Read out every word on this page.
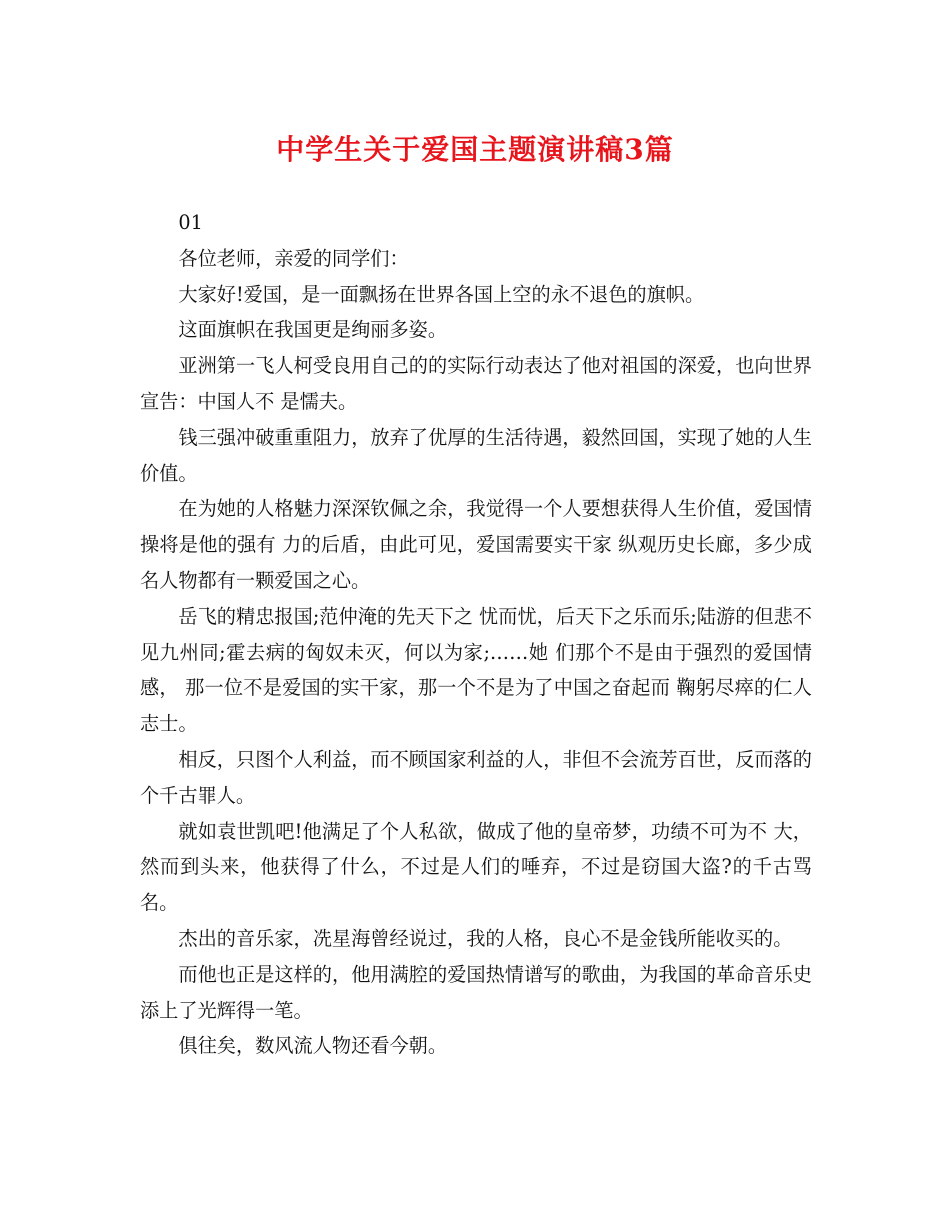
中学生关于爱国主题演讲稿3篇

01

各位老师，亲爱的同学们：

大家好!爱国，是一面飘扬在世界各国上空的永不退色的旗帜。

这面旗帜在我国更是绚丽多姿。

亚洲第一飞人柯受良用自己的的实际行动表达了他对祖国的深爱，也向世界宣告：中国人不 是懦夫。

钱三强冲破重重阻力，放弃了优厚的生活待遇，毅然回国，实现了她的人生价值。

在为她的人格魅力深深钦佩之余，我觉得一个人要想获得人生价值，爱国情操将是他的强有 力的后盾，由此可见，爱国需要实干家 纵观历史长廊，多少成名人物都有一颗爱国之心。

岳飞的精忠报国;范仲淹的先天下之 忧而忧，后天下之乐而乐;陆游的但悲不见九州同;霍去病的匈奴未灭，何以为家;……她 们那个不是由于强烈的爱国情感， 那一位不是爱国的实干家，那一个不是为了中国之奋起而 鞠躬尽瘁的仁人志士。

相反，只图个人利益，而不顾国家利益的人，非但不会流芳百世，反而落的个千古罪人。

就如袁世凯吧!他满足了个人私欲，做成了他的皇帝梦，功绩不可为不 大，然而到头来，他获得了什么，不过是人们的唾弃，不过是窃国大盗?的千古骂名。

杰出的音乐家，冼星海曾经说过，我的人格，良心不是金钱所能收买的。

而他也正是这样的，他用满腔的爱国热情谱写的歌曲，为我国的革命音乐史添上了光辉得一笔。

俱往矣，数风流人物还看今朝。
